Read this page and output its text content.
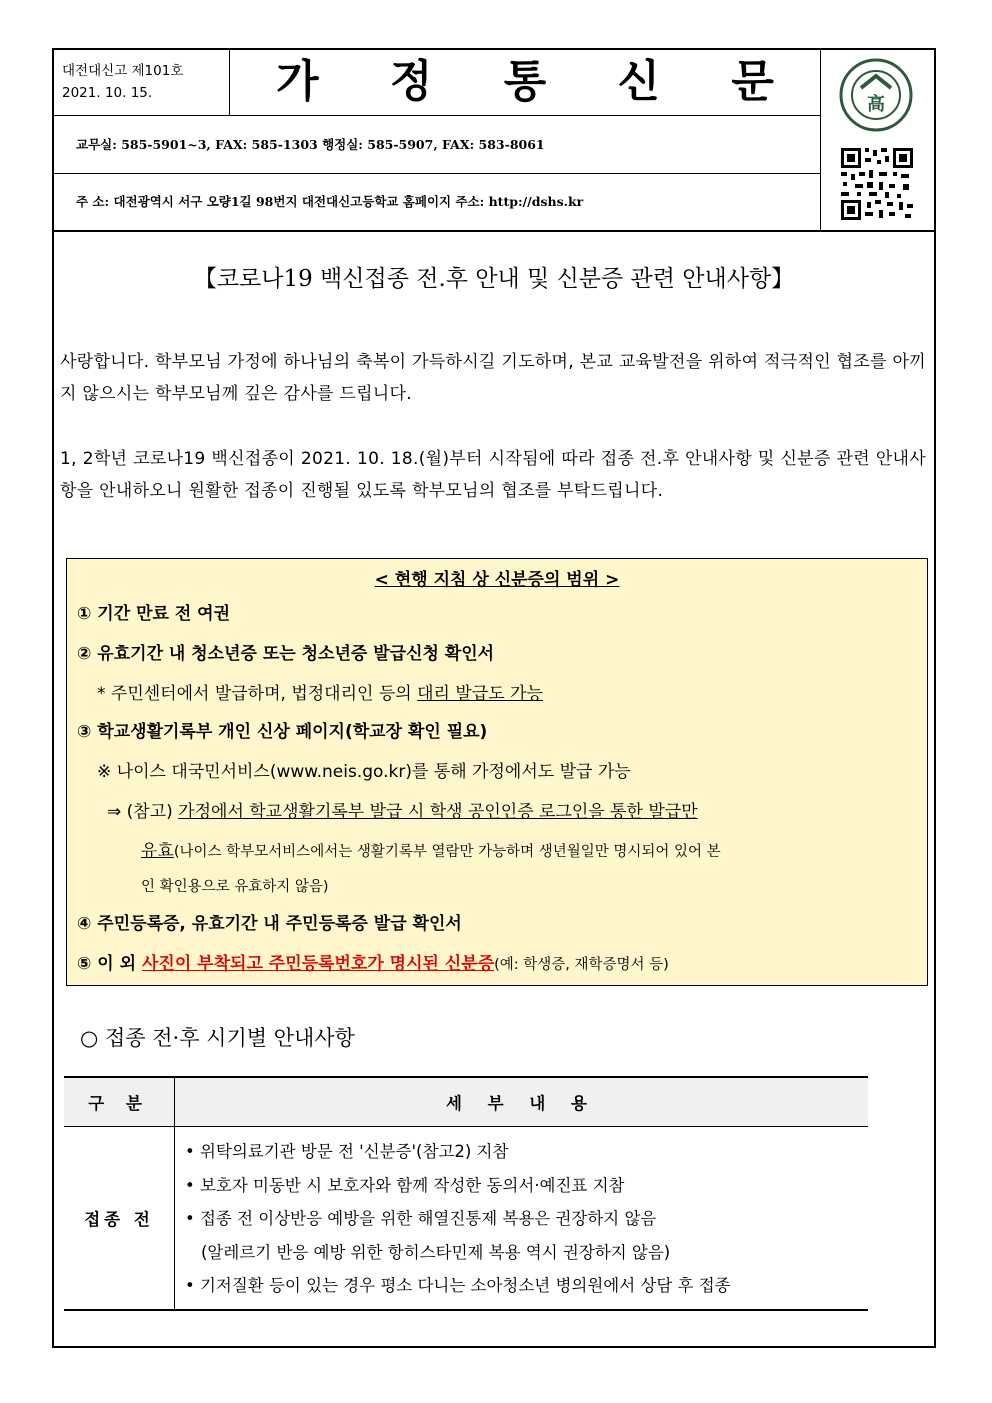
대전대신고 제101호
2021. 10. 15.	가 정 통 신 문	高
교무실: 585-5901~3, FAX: 585-1303 행정실: 585-5907, FAX: 583-8061
주 소: 대전광역시 서구 오량1길 98번지 대전대신고등학교 홈페이지 주소: http://dshs.kr
【코로나19 백신접종 전.후 안내 및 신분증 관련 안내사항】
사랑합니다. 학부모님 가정에 하나님의 축복이 가득하시길 기도하며, 본교 교육발전을 위하여 적극적인 협조를 아끼지 않으시는 학부모님께 깊은 감사를 드립니다.
1, 2학년 코로나19 백신접종이 2021. 10. 18.(월)부터 시작됨에 따라 접종 전.후 안내사항 및 신분증 관련 안내사항을 안내하오니 원활한 접종이 진행될 있도록 학부모님의 협조를 부탁드립니다.
< 현행 지침 상 신분증의 범위 >
① 기간 만료 전 여권
② 유효기간 내 청소년증 또는 청소년증 발급신청 확인서
* 주민센터에서 발급하며, 법정대리인 등의 대리 발급도 가능
③ 학교생활기록부 개인 신상 페이지(학교장 확인 필요)
※ 나이스 대국민서비스(www.neis.go.kr)를 통해 가정에서도 발급 가능
⇒ (참고) 가정에서 학교생활기록부 발급 시 학생 공인인증 로그인을 통한 발급만
유효(나이스 학부모서비스에서는 생활기록부 열람만 가능하며 생년월일만 명시되어 있어 본
인 확인용으로 유효하지 않음)
④ 주민등록증, 유효기간 내 주민등록증 발급 확인서
⑤ 이 외 사진이 부착되고 주민등록번호가 명시된 신분증(예: 학생증, 재학증명서 등)
○ 접종 전·후 시기별 안내사항
구 분	세 부 내 용
접종 전	• 위탁의료기관 방문 전 '신분증'(참고2) 지참
• 보호자 미동반 시 보호자와 함께 작성한 동의서·예진표 지참
• 접종 전 이상반응 예방을 위한 해열진통제 복용은 권장하지 않음
(알레르기 반응 예방 위한 항히스타민제 복용 역시 권장하지 않음)
• 기저질환 등이 있는 경우 평소 다니는 소아청소년 병의원에서 상담 후 접종
